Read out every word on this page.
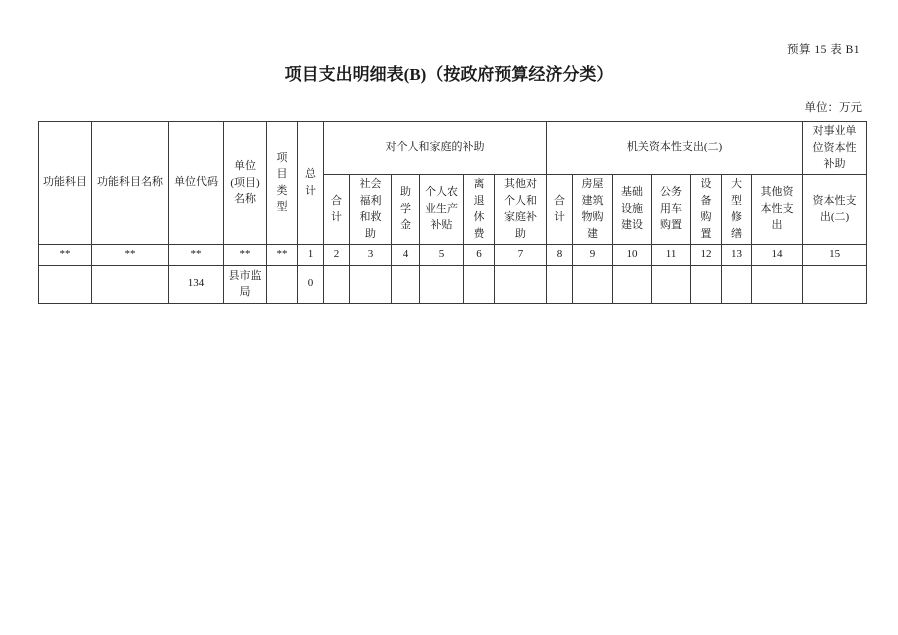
预算 15 表 B1
项目支出明细表(B)（按政府预算经济分类）
单位：万元
功能科目	功能科目名称	单位代码	单位(项目)名称	项目类型	总计	对个人和家庭的补助						机关资本性支出(二)							对事业单位资本性补助
						合计	社会福利和救助	助学金	个人农业生产补贴	离退休费	其他对个人和家庭补助	合计	房屋建筑物购建	基础设施建设	公务用车购置	设备购置	大型修缮	其他资本性支出	资本性支出(二)
**	**	**	**	**	1	2	3	4	5	6	7	8	9	10	11	12	13	14	15
		134	县市监局		0														
